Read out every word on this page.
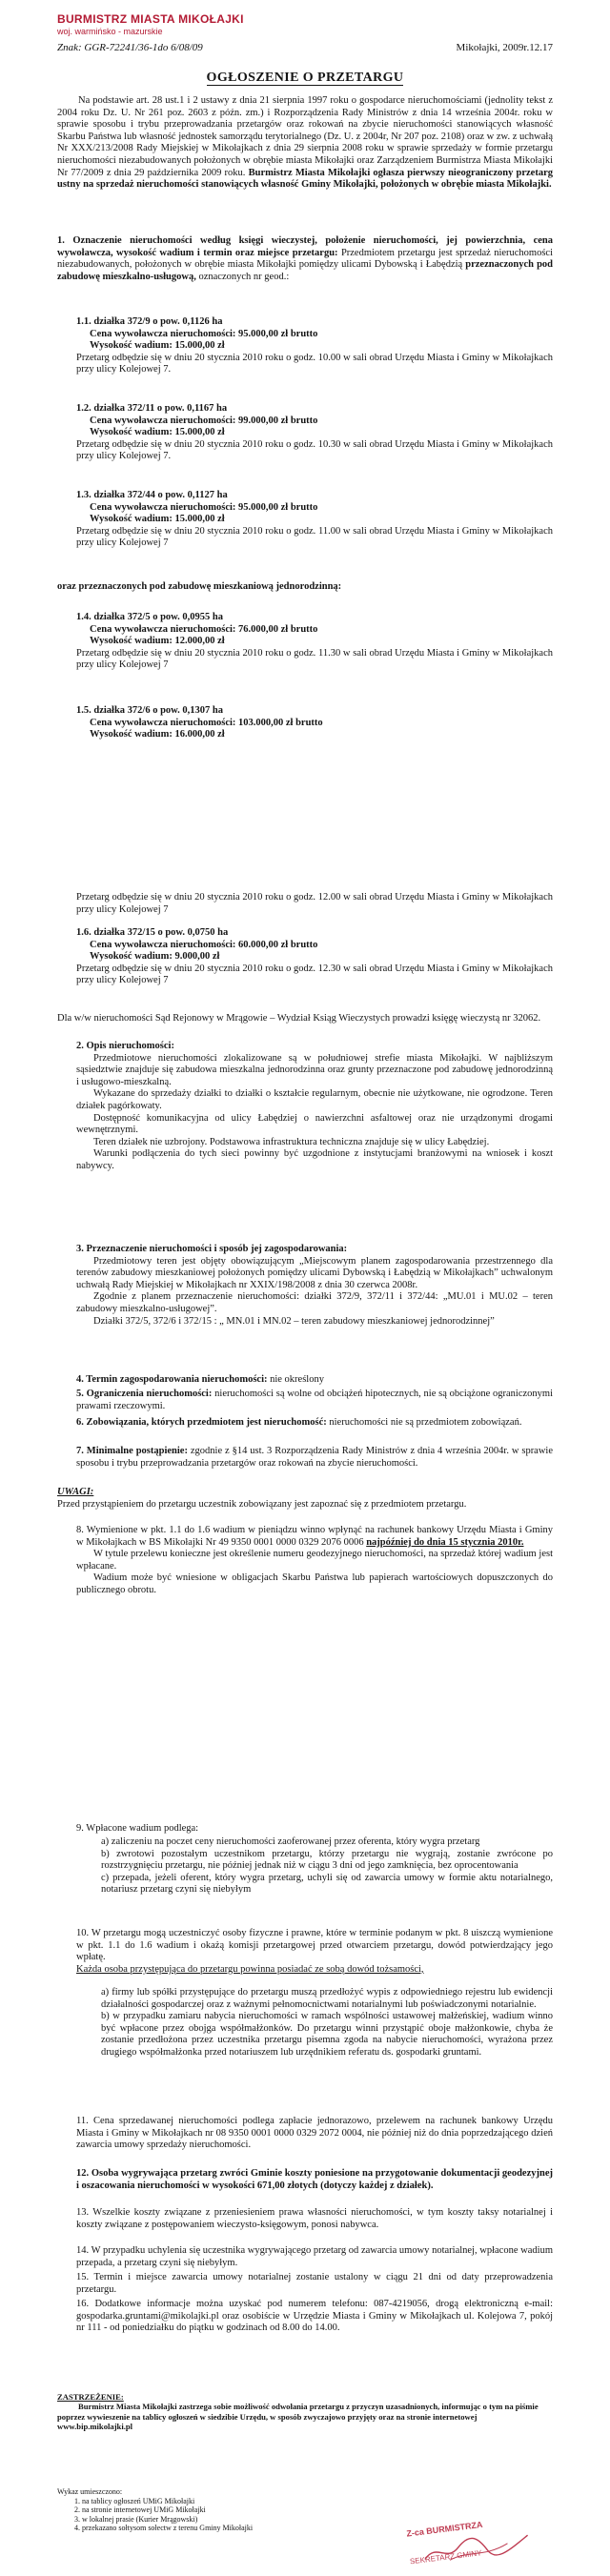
BURMISTRZ MIASTA MIKOŁAJKI
woj. warmińsko - mazurskie
Znak: GGR-72241/36-1do 6/08/09	Mikołajki, 2009r.12.17
OGŁOSZENIE O PRZETARGU
Na podstawie art. 28 ust.1 i 2 ustawy z dnia 21 sierpnia 1997 roku o gospodarce nieruchomościami (jednolity tekst z 2004 roku Dz. U. Nr 261 poz. 2603 z późn. zm.) i Rozporządzenia Rady Ministrów z dnia 14 września 2004r. roku w sprawie sposobu i trybu przeprowadzania przetargów oraz rokowań na zbycie nieruchomości stanowiących własność Skarbu Państwa lub własność jednostek samorządu terytorialnego (Dz. U. z 2004r, Nr 207 poz. 2108) oraz w zw. z uchwałą Nr XXX/213/2008 Rady Miejskiej w Mikołajkach z dnia 29 sierpnia 2008 roku w sprawie sprzedaży w formie przetargu nieruchomości niezabudowanych położonych w obrębie miasta Mikołajki oraz Zarządzeniem Burmistrza Miasta Mikołajki Nr 77/2009 z dnia 29 października 2009 roku. Burmistrz Miasta Mikołajki ogłasza pierwszy nieograniczony przetarg ustny na sprzedaż nieruchomości stanowiących własność Gminy Mikołajki, położonych w obrębie miasta Mikołajki.
1. Oznaczenie nieruchomości według księgi wieczystej, położenie nieruchomości, jej powierzchnia, cena wywoławcza, wysokość wadium i termin oraz miejsce przetargu: Przedmiotem przetargu jest sprzedaż nieruchomości niezabudowanych, położonych w obrębie miasta Mikołajki pomiędzy ulicami Dybowską i Łabędzią przeznaczonych pod zabudowę mieszkalno-usługową, oznaczonych nr geod.:
1.1. działka 372/9 o pow. 0,1126 ha
Cena wywoławcza nieruchomości: 95.000,00 zł brutto
Wysokość wadium: 15.000,00 zł
Przetarg odbędzie się w dniu 20 stycznia 2010 roku o godz. 10.00 w sali obrad Urzędu Miasta i Gminy w Mikołajkach przy ulicy Kolejowej 7.
1.2. działka 372/11 o pow. 0,1167 ha
Cena wywoławcza nieruchomości: 99.000,00 zł brutto
Wysokość wadium: 15.000,00 zł
Przetarg odbędzie się w dniu 20 stycznia 2010 roku o godz. 10.30 w sali obrad Urzędu Miasta i Gminy w Mikołajkach przy ulicy Kolejowej 7.
1.3. działka 372/44 o pow. 0,1127 ha
Cena wywoławcza nieruchomości: 95.000,00 zł brutto
Wysokość wadium: 15.000,00 zł
Przetarg odbędzie się w dniu 20 stycznia 2010 roku o godz. 11.00 w sali obrad Urzędu Miasta i Gminy w Mikołajkach przy ulicy Kolejowej 7
oraz przeznaczonych pod zabudowę mieszkaniową jednorodzinną:
1.4. działka 372/5 o pow. 0,0955 ha
Cena wywoławcza nieruchomości: 76.000,00 zł brutto
Wysokość wadium: 12.000,00 zł
Przetarg odbędzie się w dniu 20 stycznia 2010 roku o godz. 11.30 w sali obrad Urzędu Miasta i Gminy w Mikołajkach przy ulicy Kolejowej 7
1.5. działka 372/6 o pow. 0,1307 ha
Cena wywoławcza nieruchomości: 103.000,00 zł brutto
Wysokość wadium: 16.000,00 zł
Przetarg odbędzie się w dniu 20 stycznia 2010 roku o godz. 12.00 w sali obrad Urzędu Miasta i Gminy w Mikołajkach przy ulicy Kolejowej 7
1.6. działka 372/15 o pow. 0,0750 ha
Cena wywoławcza nieruchomości: 60.000,00 zł brutto
Wysokość wadium: 9.000,00 zł
Przetarg odbędzie się w dniu 20 stycznia 2010 roku o godz. 12.30 w sali obrad Urzędu Miasta i Gminy w Mikołajkach przy ulicy Kolejowej 7
Dla w/w nieruchomości Sąd Rejonowy w Mrągowie – Wydział Ksiąg Wieczystych prowadzi księgę wieczystą nr 32062.
2. Opis nieruchomości:
Przedmiotowe nieruchomości zlokalizowane są w południowej strefie miasta Mikołajki. W najbliższym sąsiedztwie znajduje się zabudowa mieszkalna jednorodzinna oraz grunty przeznaczone pod zabudowę jednorodzinną i usługowo-mieszkalną.
Wykazane do sprzedaży działki to działki o kształcie regularnym, obecnie nie użytkowane, nie ogrodzone. Teren działek pagórkowaty.
Dostępność komunikacyjna od ulicy Łabędziej o nawierzchni asfaltowej oraz nie urządzonymi drogami wewnętrznymi.
Teren działek nie uzbrojony. Podstawowa infrastruktura techniczna znajduje się w ulicy Łabędziej.
Warunki podłączenia do tych sieci powinny być uzgodnione z instytucjami branżowymi na wniosek i koszt nabywcy.
3. Przeznaczenie nieruchomości i sposób jej zagospodarowania:
Przedmiotowy teren jest objęty obowiązującym „Miejscowym planem zagospodarowania przestrzennego dla terenów zabudowy mieszkaniowej położonych pomiędzy ulicami Dybowską i Łabędzią w Mikołajkach” uchwalonym uchwałą Rady Miejskiej w Mikołajkach nr XXIX/198/2008 z dnia 30 czerwca 2008r.
Zgodnie z planem przeznaczenie nieruchomości: działki 372/9, 372/11 i 372/44: „MU.01 i MU.02 – teren zabudowy mieszkalno-usługowej”.
Działki 372/5, 372/6 i 372/15 : „ MN.01 i MN.02 – teren zabudowy mieszkaniowej jednorodzinnej”
4. Termin zagospodarowania nieruchomości: nie określony
5. Ograniczenia nieruchomości: nieruchomości są wolne od obciążeń hipotecznych, nie są obciążone ograniczonymi prawami rzeczowymi.
6. Zobowiązania, których przedmiotem jest nieruchomość: nieruchomości nie są przedmiotem zobowiązań.
7. Minimalne postąpienie: zgodnie z §14 ust. 3 Rozporządzenia Rady Ministrów z dnia 4 września 2004r. w sprawie sposobu i trybu przeprowadzania przetargów oraz rokowań na zbycie nieruchomości.
UWAGI:
Przed przystąpieniem do przetargu uczestnik zobowiązany jest zapoznać się z przedmiotem przetargu.
8. Wymienione w pkt. 1.1 do 1.6 wadium w pieniądzu winno wpłynąć na rachunek bankowy Urzędu Miasta i Gminy w Mikołajkach w BS Mikołajki Nr 49 9350 0001 0000 0329 2076 0006 najpóźniej do dnia 15 stycznia 2010r.
W tytule przelewu konieczne jest określenie numeru geodezyjnego nieruchomości, na sprzedaż której wadium jest wpłacane.
Wadium może być wniesione w obligacjach Skarbu Państwa lub papierach wartościowych dopuszczonych do publicznego obrotu.
9. Wpłacone wadium podlega:
a) zaliczeniu na poczet ceny nieruchomości zaoferowanej przez oferenta, który wygra przetarg
b) zwrotowi pozostałym uczestnikom przetargu, którzy przetargu nie wygrają, zostanie zwrócone po rozstrzygnięciu przetargu, nie później jednak niż w ciągu 3 dni od jego zamknięcia, bez oprocentowania
c) przepada, jeżeli oferent, który wygra przetarg, uchyli się od zawarcia umowy w formie aktu notarialnego, notariusz przetarg czyni się niebyłym
10. W przetargu mogą uczestniczyć osoby fizyczne i prawne, które w terminie podanym w pkt. 8 uiszczą wymienione w pkt. 1.1 do 1.6 wadium i okażą komisji przetargowej przed otwarciem przetargu, dowód potwierdzający jego wpłatę.
Każda osoba przystępująca do przetargu powinna posiadać ze sobą dowód tożsamości,
a) firmy lub spółki przystępujące do przetargu muszą przedłożyć wypis z odpowiedniego rejestru lub ewidencji działalności gospodarczej oraz z ważnymi pełnomocnictwami notarialnymi lub poświadczonymi notarialnie.
b) w przypadku zamiaru nabycia nieruchomości w ramach wspólności ustawowej małżeńskiej, wadium winno być wpłacone przez obojga współmałżonków. Do przetargu winni przystąpić oboje małżonkowie, chyba że zostanie przedłożona przez uczestnika przetargu pisemna zgoda na nabycie nieruchomości, wyrażona przez drugiego współmałżonka przed notariuszem lub urzędnikiem referatu ds. gospodarki gruntami.
11. Cena sprzedawanej nieruchomości podlega zapłacie jednorazowo, przelewem na rachunek bankowy Urzędu Miasta i Gminy w Mikołajkach nr 08 9350 0001 0000 0329 2072 0004, nie później niż do dnia poprzedzającego dzień zawarcia umowy sprzedaży nieruchomości.
12. Osoba wygrywająca przetarg zwróci Gminie koszty poniesione na przygotowanie dokumentacji geodezyjnej i oszacowania nieruchomości w wysokości 671,00 złotych (dotyczy każdej z działek).
13. Wszelkie koszty związane z przeniesieniem prawa własności nieruchomości, w tym koszty taksy notarialnej i koszty związane z postępowaniem wieczysto-księgowym, ponosi nabywca.
14. W przypadku uchylenia się uczestnika wygrywającego przetarg od zawarcia umowy notarialnej, wpłacone wadium przepada, a przetarg czyni się niebyłym.
15. Termin i miejsce zawarcia umowy notarialnej zostanie ustalony w ciągu 21 dni od daty przeprowadzenia przetargu.
16. Dodatkowe informacje można uzyskać pod numerem telefonu: 087-4219056, drogą elektroniczną e-mail: gospodarka.gruntami@mikolajki.pl oraz osobiście w Urzędzie Miasta i Gminy w Mikołajkach ul. Kolejowa 7, pokój nr 111 - od poniedziałku do piątku w godzinach od 8.00 do 14.00.
ZASTRZEŻENIE:
Burmistrz Miasta Mikołajki zastrzega sobie możliwość odwołania przetargu z przyczyn uzasadnionych, informując o tym na piśmie poprzez wywieszenie na tablicy ogłoszeń w siedzibie Urzędu, w sposób zwyczajowo przyjęty oraz na stronie internetowej www.bip.mikolajki.pl
Wykaz umieszczono:
1. na tablicy ogłoszeń UMiG Mikołajki
2. na stronie internetowej UMiG Mikołajki
3. w lokalnej prasie (Kurier Mrągowski)
4. przekazano sołtysom sołectw z terenu Gminy Mikołajki	Z-ca BURMISTRZA
SEKRETARZ GMINY
